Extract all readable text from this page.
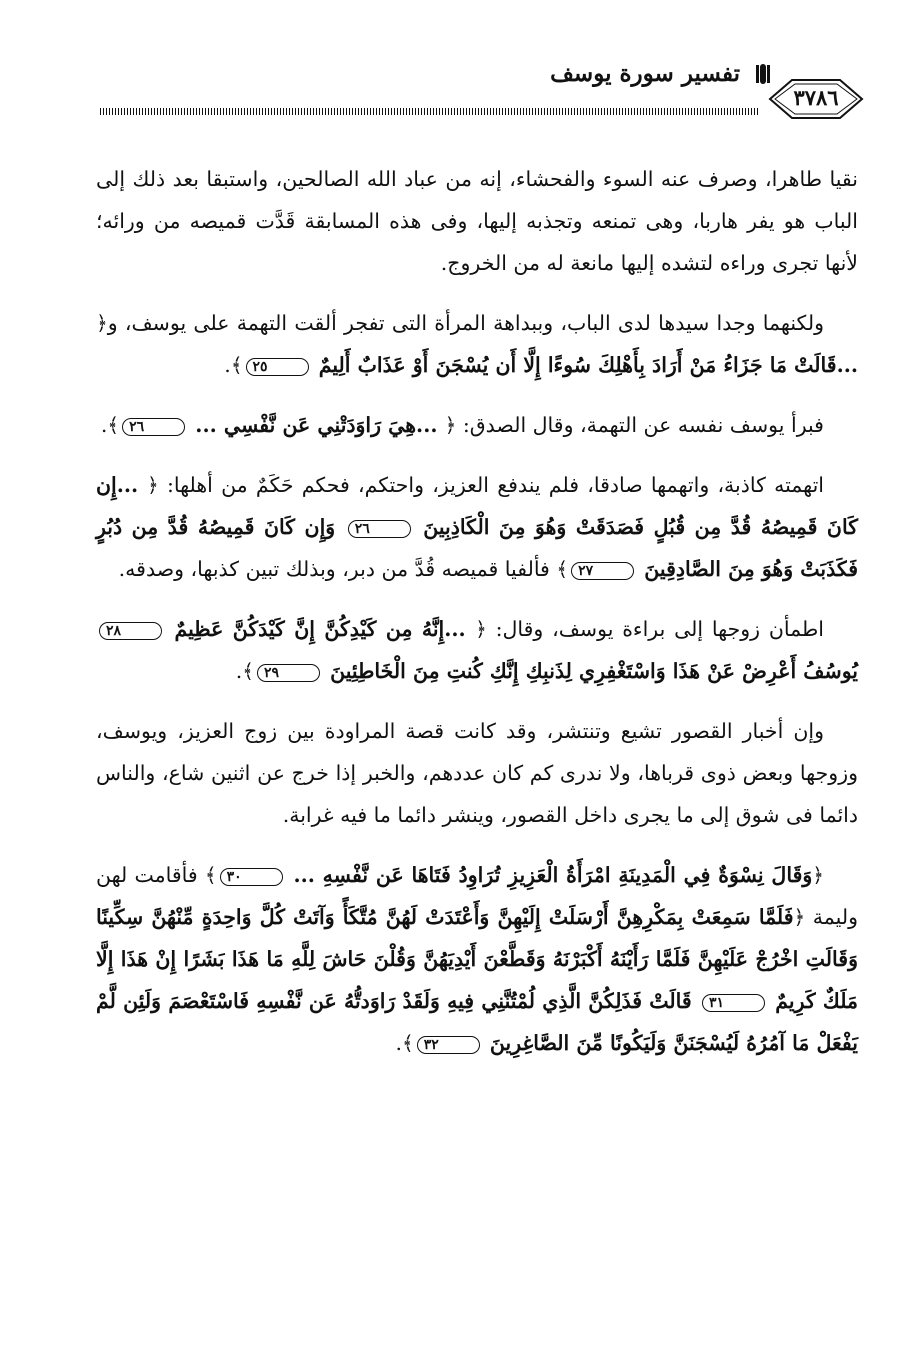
٣٧٨٦
تفسير سورة يوسف

نقيا طاهرا، وصرف عنه السوء والفحشاء، إنه من عباد الله الصالحين، واستبقا بعد ذلك إلى الباب هو يفر هاربا، وهى تمنعه وتجذبه إليها، وفى هذه المسابقة قَدَّت قميصه من ورائه؛ لأنها تجرى وراءه لتشده إليها مانعة له من الخروج.

ولكنهما وجدا سيدها لدى الباب، وببداهة المرأة التى تفجر ألقت التهمة على يوسف، و﴿ ...قَالَتْ مَا جَزَاءُ مَنْ أَرَادَ بِأَهْلِكَ سُوءًا إِلَّا أَن يُسْجَنَ أَوْ عَذَابٌ أَلِيمٌ ٢٥﴾.

فبرأ يوسف نفسه عن التهمة، وقال الصدق: ﴿ ...هِيَ رَاوَدَتْنِي عَن نَّفْسِي ... ٢٦﴾.

اتهمته كاذبة، واتهمها صادقا، فلم يندفع العزيز، واحتكم، فحكم حَكَمٌ من أهلها: ﴿ ...إِن كَانَ قَمِيصُهُ قُدَّ مِن قُبُلٍ فَصَدَقَتْ وَهُوَ مِنَ الْكَاذِبِينَ ٢٦ وَإِن كَانَ قَمِيصُهُ قُدَّ مِن دُبُرٍ فَكَذَبَتْ وَهُوَ مِنَ الصَّادِقِينَ ٢٧﴾ فألفيا قميصه قُدَّ من دبر، وبذلك تبين كذبها، وصدقه.

اطمأن زوجها إلى براءة يوسف، وقال: ﴿ ...إِنَّهُ مِن كَيْدِكُنَّ إِنَّ كَيْدَكُنَّ عَظِيمٌ ٢٨ يُوسُفُ أَعْرِضْ عَنْ هَذَا وَاسْتَغْفِرِي لِذَنبِكِ إِنَّكِ كُنتِ مِنَ الْخَاطِئِينَ ٢٩﴾.

وإن أخبار القصور تشيع وتنتشر، وقد كانت قصة المراودة بين زوج العزيز، ويوسف، وزوجها وبعض ذوى قرباها، ولا ندرى كم كان عددهم، والخبر إذا خرج عن اثنين شاع، والناس دائما فى شوق إلى ما يجرى داخل القصور، وينشر دائما ما فيه غرابة.

﴿وَقَالَ نِسْوَةٌ فِي الْمَدِينَةِ امْرَأَةُ الْعَزِيزِ تُرَاوِدُ فَتَاهَا عَن نَّفْسِهِ ... ٣٠﴾ فأقامت لهن وليمة ﴿فَلَمَّا سَمِعَتْ بِمَكْرِهِنَّ أَرْسَلَتْ إِلَيْهِنَّ وَأَعْتَدَتْ لَهُنَّ مُتَّكَأً وَآتَتْ كُلَّ وَاحِدَةٍ مِّنْهُنَّ سِكِّينًا وَقَالَتِ اخْرُجْ عَلَيْهِنَّ فَلَمَّا رَأَيْنَهُ أَكْبَرْنَهُ وَقَطَّعْنَ أَيْدِيَهُنَّ وَقُلْنَ حَاشَ لِلَّهِ مَا هَذَا بَشَرًا إِنْ هَذَا إِلَّا مَلَكٌ كَرِيمٌ ٣١ قَالَتْ فَذَلِكُنَّ الَّذِي لُمْتُنَّنِي فِيهِ وَلَقَدْ رَاوَدتُّهُ عَن نَّفْسِهِ فَاسْتَعْصَمَ وَلَئِن لَّمْ يَفْعَلْ مَا آمُرُهُ لَيُسْجَنَنَّ وَلَيَكُونًا مِّنَ الصَّاغِرِينَ ٣٢﴾.
